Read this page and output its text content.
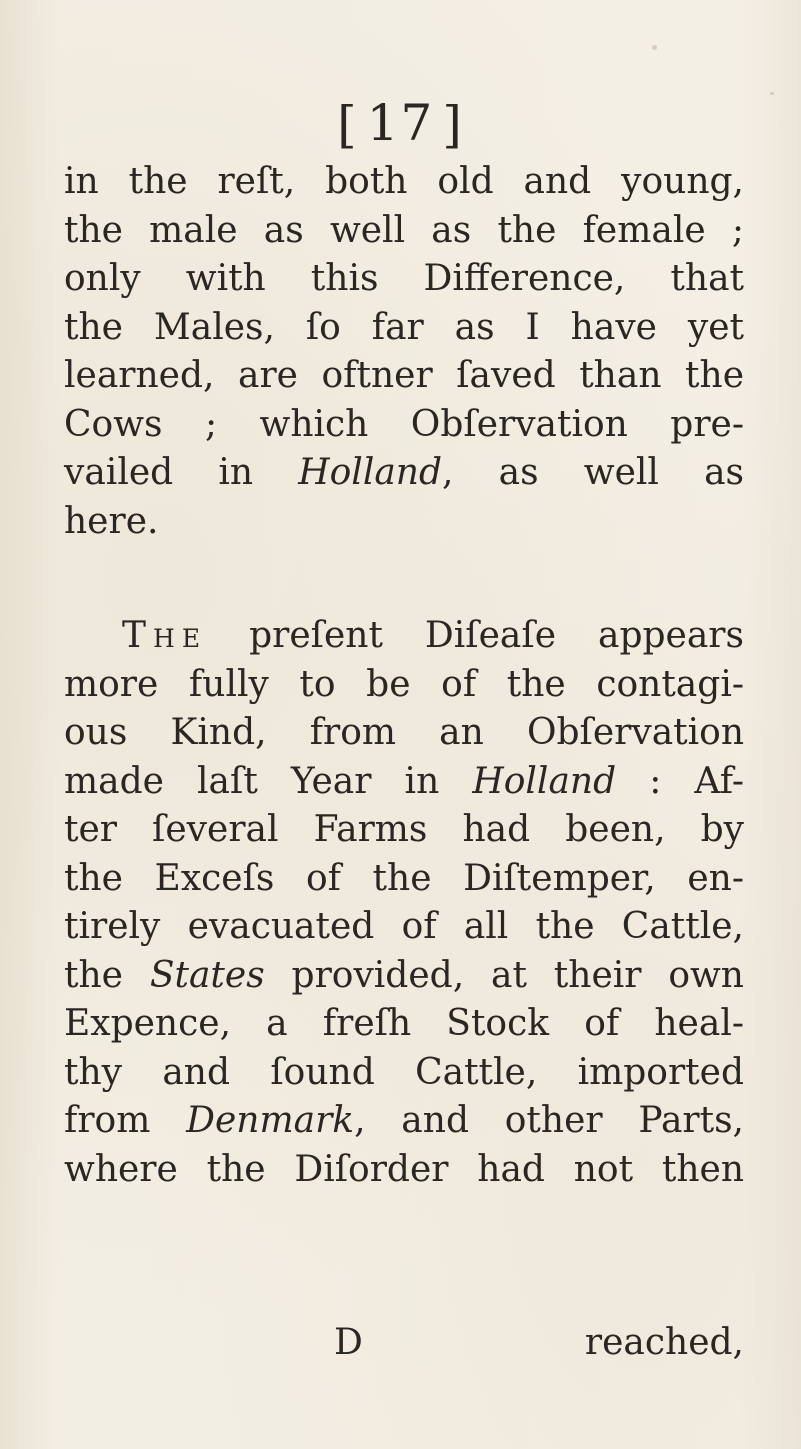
[ 17 ]
in the reſt, both old and young,
the male as well as the female ;
only with this Difference, that
the Males, ſo far as I have yet
learned, are oftner ſaved than the
Cows ; which Obſervation pre-
vailed in Holland, as well as
here.
The preſent Diſeaſe appears
more fully to be of the contagi-
ous Kind, from an Obſervation
made laſt Year in Holland : Af-
ter ſeveral Farms had been, by
the Exceſs of the Diſtemper, en-
tirely evacuated of all the Cattle,
the States provided, at their own
Expence, a freſh Stock of heal-
thy and ſound Cattle, imported
from Denmark, and other Parts,
where the Diſorder had not then
D	reached,
